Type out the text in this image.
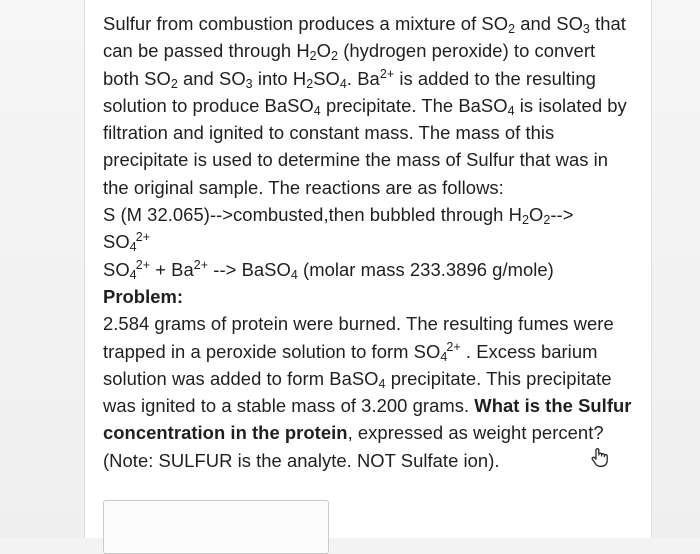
Sulfur from combustion produces a mixture of $SO_2$ and $SO_3$ that
can be passed through $H_2O_2$ (hydrogen peroxide) to convert
both $SO_2$ and $SO_3$ into $H_2SO_4$. $Ba^{2+}$ is added to the resulting
solution to produce BaSO$_4$ precipitate. The BaSO$_4$ is isolated by
filtration and ignited to constant mass. The mass of this
precipitate is used to determine the mass of Sulfur that was in
the original sample. The reactions are as follows:
S (M 32.065)-->combusted,then bubbled through $H_2O_2-->$
$SO_4^{2+}$
$SO_4^{2+} + Ba^{2+}$ --> BaSO$_4$ (molar mass 233.3896 g/mole)
Problem:
2.584 grams of protein were burned. The resulting fumes were
trapped in a peroxide solution to form $SO_4^{2+}$ . Excess barium
solution was added to form BaSO$_4$ precipitate. This precipitate
was ignited to a stable mass of 3.200 grams. What is the Sulfur
concentration in the protein, expressed as weight percent?
(Note: SULFUR is the analyte. NOT Sulfate ion).
